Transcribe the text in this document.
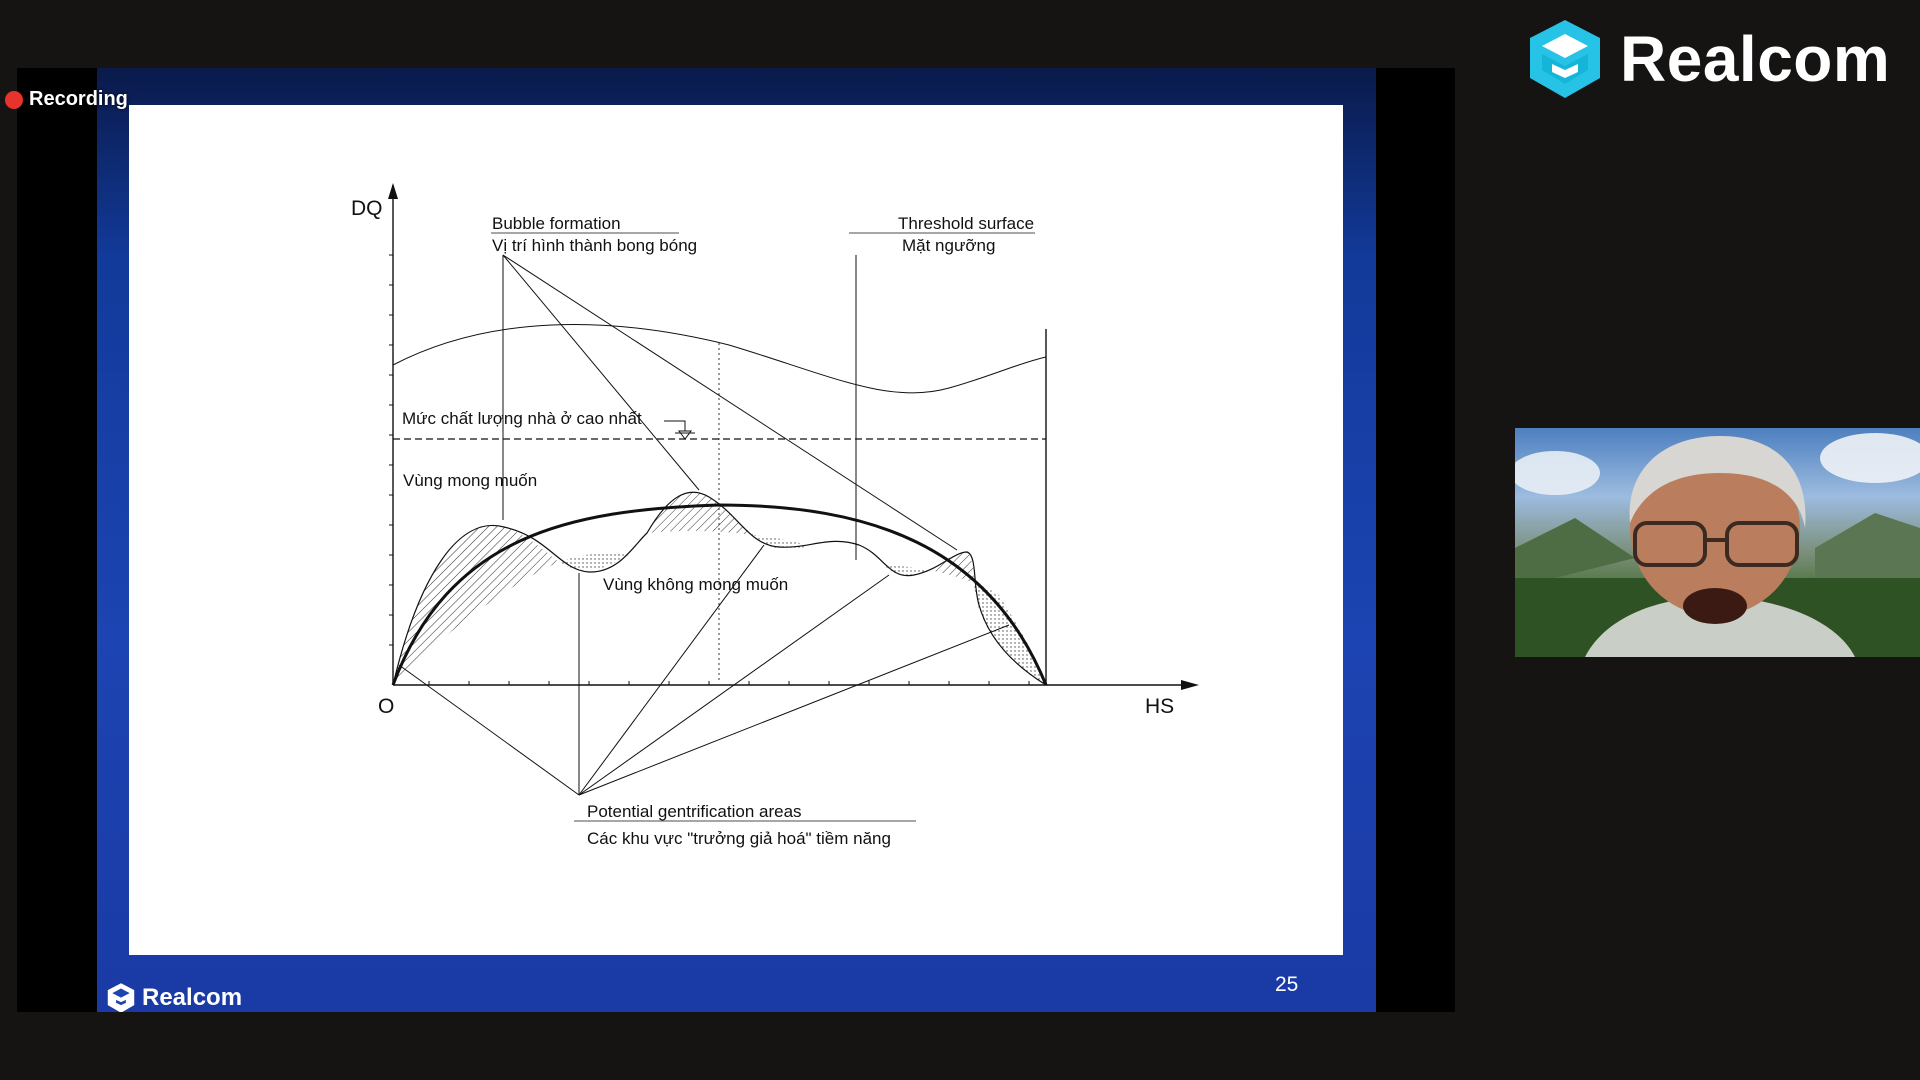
Realcom
Recording
DQ
HS
O
Bubble formation
Vị trí hình thành bong bóng
Threshold surface
Mặt ngưỡng
Mức chất lượng nhà ở cao nhất
Vùng mong muốn
Vùng không mong muốn
Potential gentrification areas
Các khu vực "trưởng giả hoá" tiềm năng
25
Realcom
